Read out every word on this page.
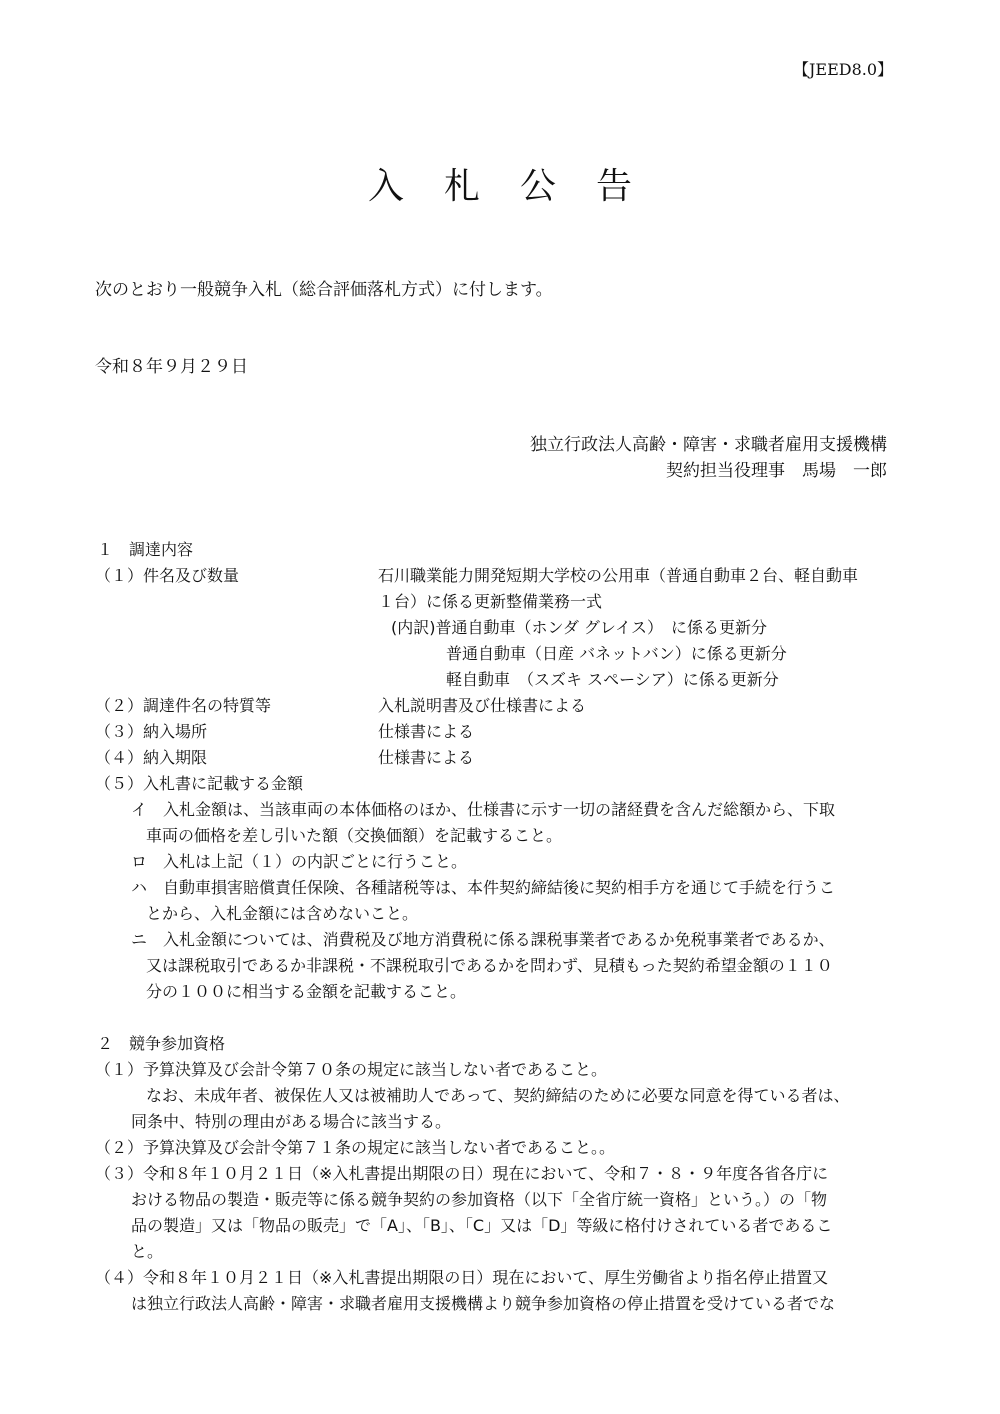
【JEED8.0】
入札公告
次のとおり一般競争入札（総合評価落札方式）に付します。
令和８年９月２９日
独立行政法人高齢・障害・求職者雇用支援機構
契約担当役理事　馬場　一郎
１　調達内容
（１）件名及び数量	石川職業能力開発短期大学校の公用車（普通自動車２台、軽自動車
１台）に係る更新整備業務一式
(内訳)普通自動車（ホンダ グレイス）　に係る更新分
普通自動車（日産 バネットバン）に係る更新分
軽自動車　（スズキ スペーシア）に係る更新分
（２）調達件名の特質等	入札説明書及び仕様書による
（３）納入場所	仕様書による
（４）納入期限	仕様書による
（５）入札書に記載する金額
イ　入札金額は、当該車両の本体価格のほか、仕様書に示す一切の諸経費を含んだ総額から、下取
車両の価格を差し引いた額（交換価額）を記載すること。
ロ　入札は上記（１）の内訳ごとに行うこと。
ハ　自動車損害賠償責任保険、各種諸税等は、本件契約締結後に契約相手方を通じて手続を行うこ
とから、入札金額には含めないこと。
ニ　入札金額については、消費税及び地方消費税に係る課税事業者であるか免税事業者であるか、
又は課税取引であるか非課税・不課税取引であるかを問わず、見積もった契約希望金額の１１０
分の１００に相当する金額を記載すること。
２　競争参加資格
（１）予算決算及び会計令第７０条の規定に該当しない者であること。
なお、未成年者、被保佐人又は被補助人であって、契約締結のために必要な同意を得ている者は、
同条中、特別の理由がある場合に該当する。
（２）予算決算及び会計令第７１条の規定に該当しない者であること。。
（３）令和８年１０月２１日（※入札書提出期限の日）現在において、令和７・８・９年度各省各庁に
おける物品の製造・販売等に係る競争契約の参加資格（以下「全省庁統一資格」という。）の「物
品の製造」又は「物品の販売」で「A」、「B」、「C」又は「D」等級に格付けされている者であるこ
と。
（４）令和８年１０月２１日（※入札書提出期限の日）現在において、厚生労働省より指名停止措置又
は独立行政法人高齢・障害・求職者雇用支援機構より競争参加資格の停止措置を受けている者でな
